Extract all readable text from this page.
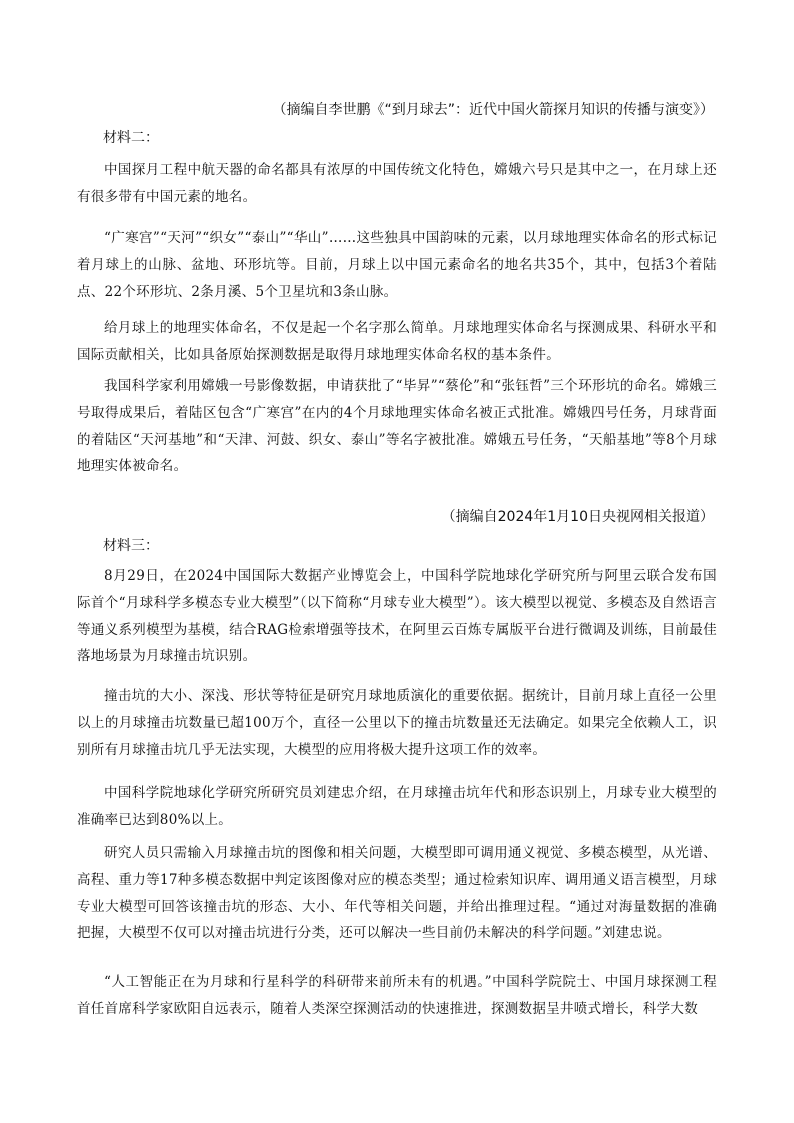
（摘编自李世鹏《“到月球去”：近代中国火箭探月知识的传播与演变》）
材料二：

中国探月工程中航天器的命名都具有浓厚的中国传统文化特色，嫦娥六号只是其中之一，在月球上还有很多带有中国元素的地名。

“广寒宫”“天河”“织女”“泰山”“华山”……这些独具中国韵味的元素，以月球地理实体命名的形式标记着月球上的山脉、盆地、环形坑等。目前，月球上以中国元素命名的地名共35个，其中，包括3个着陆点、22个环形坑、2条月溪、5个卫星坑和3条山脉。

给月球上的地理实体命名，不仅是起一个名字那么简单。月球地理实体命名与探测成果、科研水平和国际贡献相关，比如具备原始探测数据是取得月球地理实体命名权的基本条件。

我国科学家利用嫦娥一号影像数据，申请获批了“毕昇”“蔡伦”和“张钰哲”三个环形坑的命名。嫦娥三号取得成果后，着陆区包含“广寒宫”在内的4个月球地理实体命名被正式批准。嫦娥四号任务，月球背面的着陆区“天河基地”和“天津、河鼓、织女、泰山”等名字被批准。嫦娥五号任务，“天船基地”等8个月球地理实体被命名。

（摘编自2024年1月10日央视网相关报道）
材料三：

8月29日，在2024中国国际大数据产业博览会上，中国科学院地球化学研究所与阿里云联合发布国际首个“月球科学多模态专业大模型”（以下简称“月球专业大模型”）。该大模型以视觉、多模态及自然语言等通义系列模型为基模，结合RAG检索增强等技术，在阿里云百炼专属版平台进行微调及训练，目前最佳落地场景为月球撞击坑识别。

撞击坑的大小、深浅、形状等特征是研究月球地质演化的重要依据。据统计，目前月球上直径一公里以上的月球撞击坑数量已超100万个，直径一公里以下的撞击坑数量还无法确定。如果完全依赖人工，识别所有月球撞击坑几乎无法实现，大模型的应用将极大提升这项工作的效率。

中国科学院地球化学研究所研究员刘建忠介绍，在月球撞击坑年代和形态识别上，月球专业大模型的准确率已达到80%以上。

研究人员只需输入月球撞击坑的图像和相关问题，大模型即可调用通义视觉、多模态模型，从光谱、高程、重力等17种多模态数据中判定该图像对应的模态类型；通过检索知识库、调用通义语言模型，月球专业大模型可回答该撞击坑的形态、大小、年代等相关问题，并给出推理过程。“通过对海量数据的准确把握，大模型不仅可以对撞击坑进行分类，还可以解决一些目前仍未解决的科学问题。”刘建忠说。

“人工智能正在为月球和行星科学的科研带来前所未有的机遇。”中国科学院院士、中国月球探测工程首任首席科学家欧阳自远表示，随着人类深空探测活动的快速推进，探测数据呈井喷式增长，科学大数
